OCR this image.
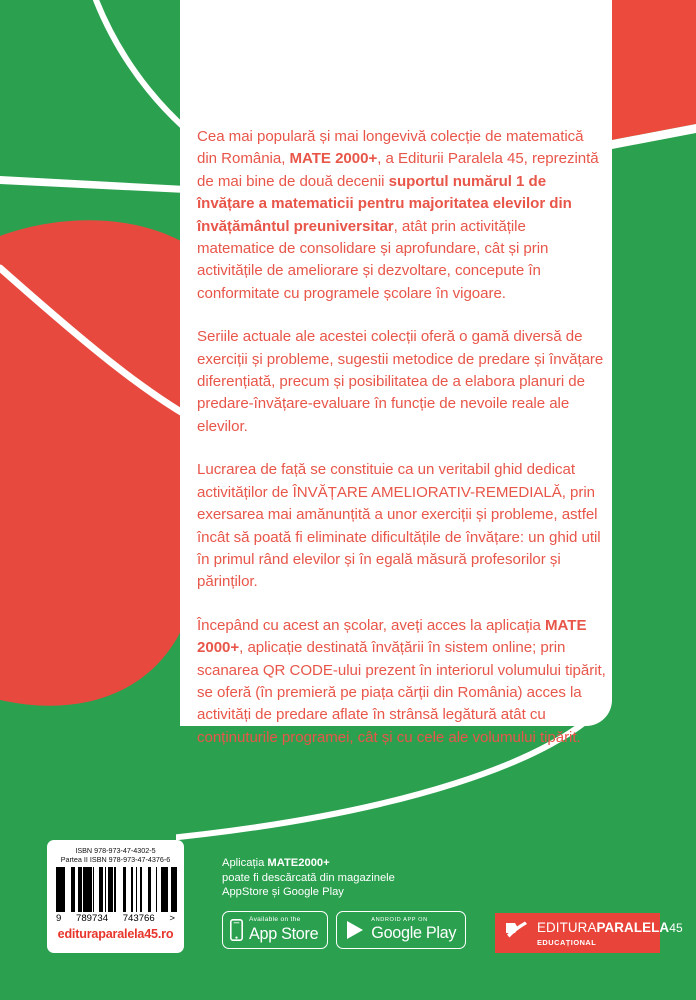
Cea mai populară și mai longevivă colecție de matematică din România, MATE 2000+, a Editurii Paralela 45, reprezintă de mai bine de două decenii suportul numărul 1 de învățare a matematicii pentru majoritatea elevilor din învățământul preuniversitar, atât prin activitățile matematice de consolidare și aprofundare, cât și prin activitățile de ameliorare și dezvoltare, concepute în conformitate cu programele școlare în vigoare.

Seriile actuale ale acestei colecții oferă o gamă diversă de exerciții și probleme, sugestii metodice de predare și învățare diferențiată, precum și posibilitatea de a elabora planuri de predare-învățare-evaluare în funcție de nevoile reale ale elevilor.

Lucrarea de față se constituie ca un veritabil ghid dedicat activităților de ÎNVĂȚARE AMELIORATIV-REMEDIALĂ, prin exersarea mai amănunțită a unor exerciții și probleme, astfel încât să poată fi eliminate dificultățile de învățare: un ghid util în primul rând elevilor și în egală măsură profesorilor și părinților.

Începând cu acest an școlar, aveți acces la aplicația MATE 2000+, aplicație destinată învățării în sistem online; prin scanarea QR CODE-ului prezent în interiorul volumului tipărit, se oferă (în premieră pe piața cărții din România) acces la activități de predare aflate în strânsă legătură atât cu conținuturile programei, cât și cu cele ale volumului tipărit.

ISBN 978-973-47-4302-5
Partea II ISBN 978-973-47-4376-6
9 789734 743766 >
edituraparalela45.ro
Aplicația MATE2000+
poate fi descărcată din magazinele
AppStore și Google Play
Available on the
App Store
ANDROID APP ON
Google Play	EDITURAPARALELA45
EDUCAȚIONAL
